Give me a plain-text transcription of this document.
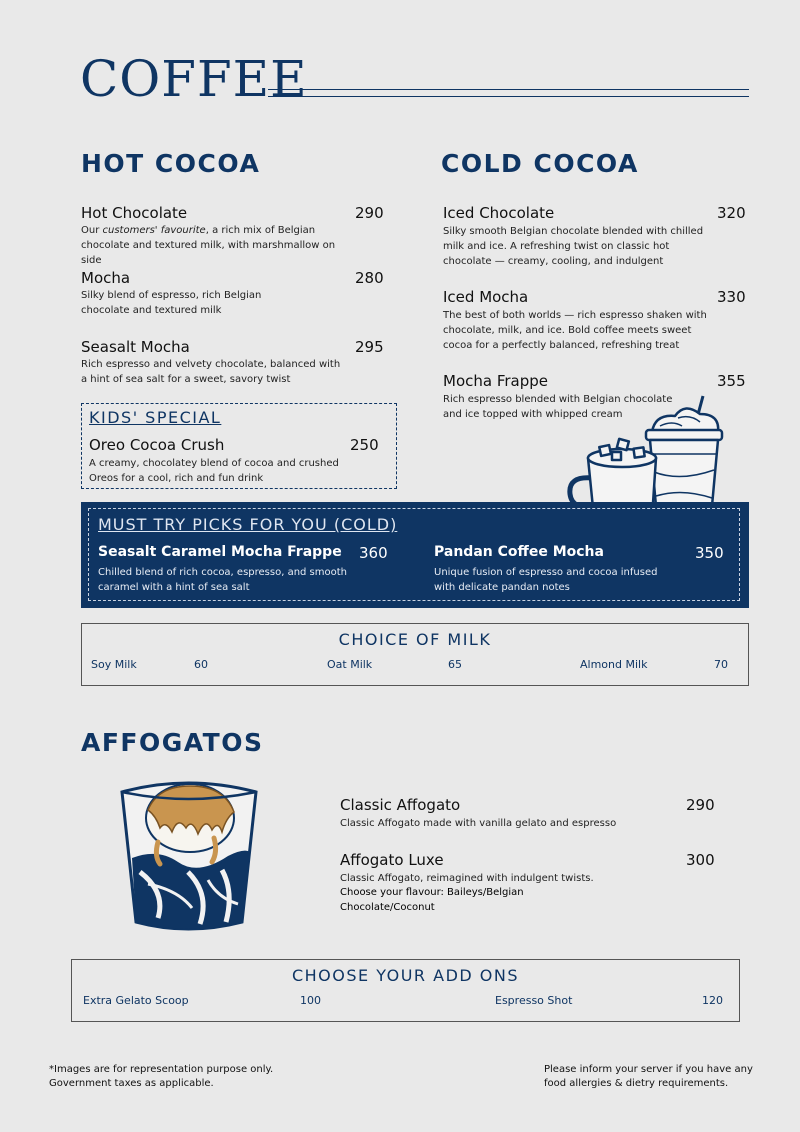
COFFEE
HOT COCOA
Hot Chocolate	290
Our customers' favourite, a rich mix of Belgian chocolate and textured milk, with marshmallow on side
Mocha	280
Silky blend of espresso, rich Belgian chocolate and textured milk
Seasalt Mocha	295
Rich espresso and velvety chocolate, balanced with a hint of sea salt for a sweet, savory twist
KIDS' SPECIAL
Oreo Cocoa Crush	250
A creamy, chocolatey blend of cocoa and crushed Oreos for a cool, rich and fun drink
COLD COCOA
Iced Chocolate	320
Silky smooth Belgian chocolate blended with chilled milk and ice. A refreshing twist on classic hot chocolate — creamy, cooling, and indulgent
Iced Mocha	330
The best of both worlds — rich espresso shaken with chocolate, milk, and ice. Bold coffee meets sweet cocoa for a perfectly balanced, refreshing treat
Mocha Frappe	355
Rich espresso blended with Belgian chocolate and ice topped with whipped cream
MUST TRY PICKS FOR YOU (COLD)
Seasalt Caramel Mocha Frappe 360
Chilled blend of rich cocoa, espresso, and smooth caramel with a hint of sea salt
Pandan Coffee Mocha	350
Unique fusion of espresso and cocoa infused with delicate pandan notes
CHOICE OF MILK
Soy Milk	60	Oat Milk	65	Almond Milk	70
AFFOGATOS
Classic Affogato	290
Classic Affogato made with vanilla gelato and espresso
Affogato Luxe	300
Classic Affogato, reimagined with indulgent twists.
Choose your flavour: Baileys/Belgian Chocolate/Coconut
CHOOSE YOUR ADD ONS
Extra Gelato Scoop	100	Espresso Shot	120
*Images are for representation purpose only. Government taxes as applicable.
Please inform your server if you have any food allergies & dietry requirements.
